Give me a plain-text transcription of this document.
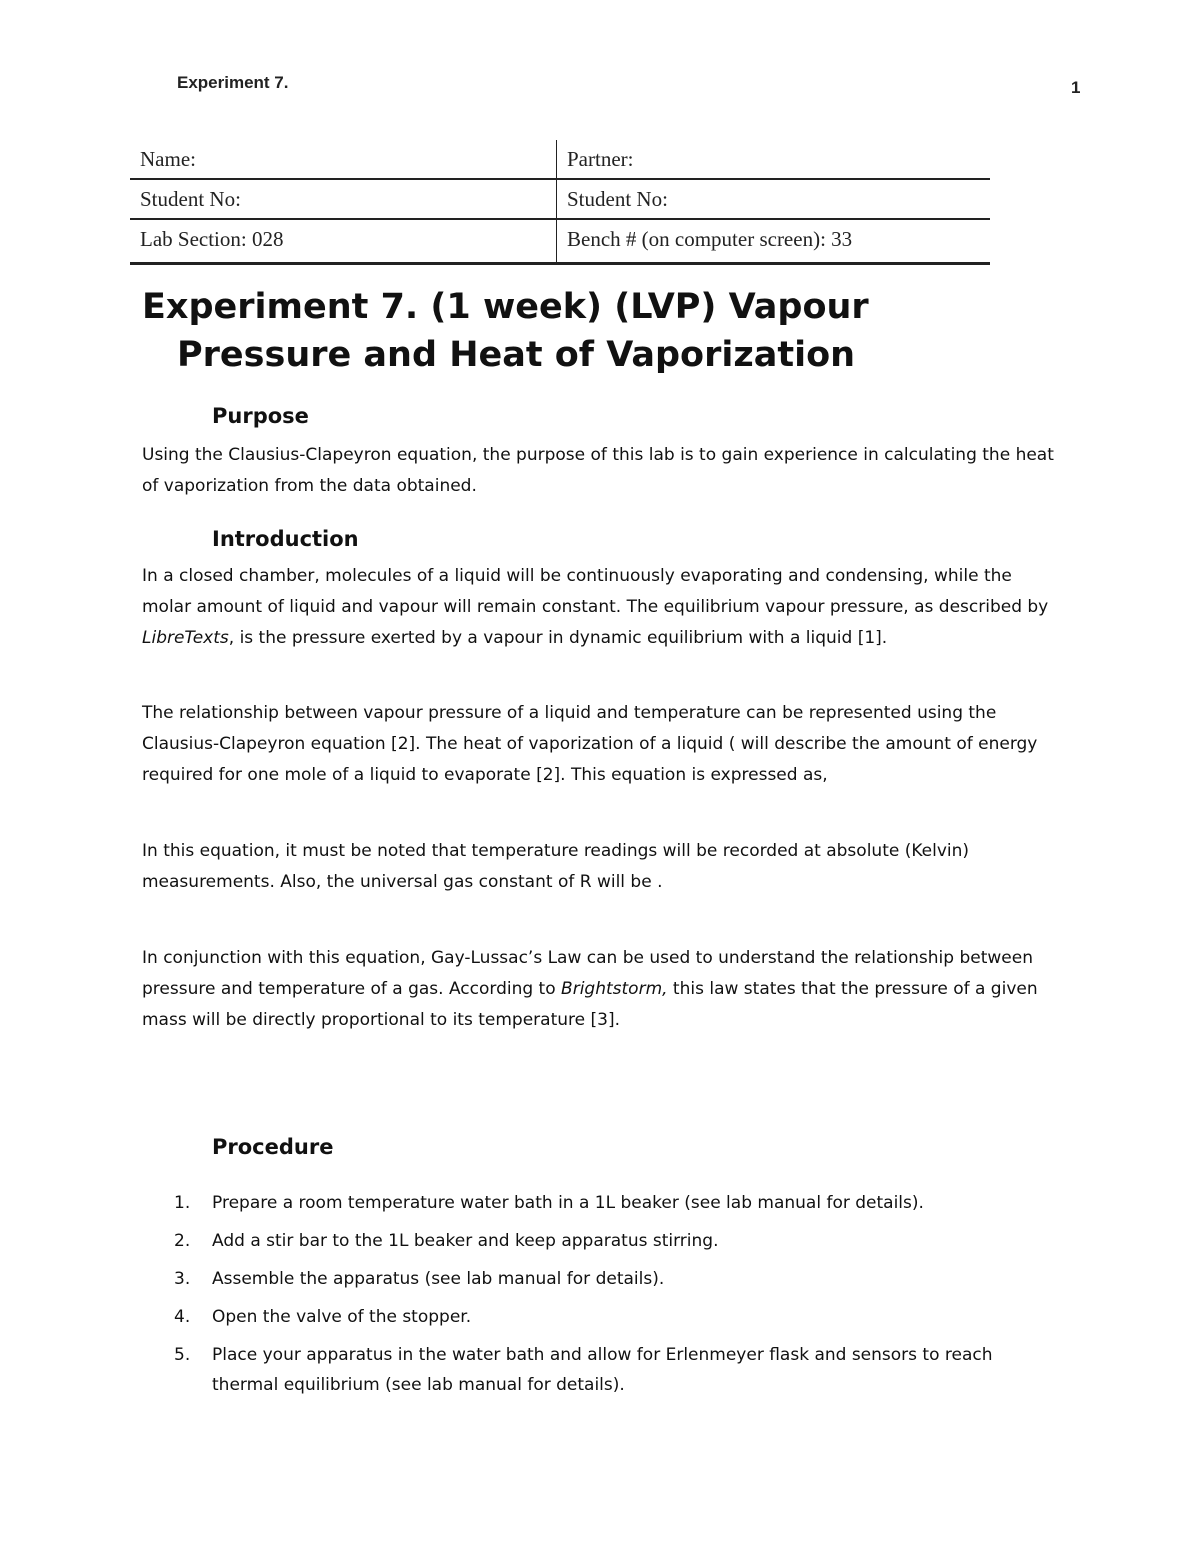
Experiment 7.	1
Name:	Partner:
Student No:	Student No:
Lab Section: 028	Bench # (on computer screen): 33
Experiment 7. (1 week) (LVP) Vapour
Pressure and Heat of Vaporization
Purpose

Using the Clausius-Clapeyron equation, the purpose of this lab is to gain experience in calculating the heat of vaporization from the data obtained.

Introduction

In a closed chamber, molecules of a liquid will be continuously evaporating and condensing, while the molar amount of liquid and vapour will remain constant. The equilibrium vapour pressure, as described by LibreTexts, is the pressure exerted by a vapour in dynamic equilibrium with a liquid [1].

The relationship between vapour pressure of a liquid and temperature can be represented using the Clausius-Clapeyron equation [2]. The heat of vaporization of a liquid ( will describe the amount of energy required for one mole of a liquid to evaporate [2]. This equation is expressed as,

In this equation, it must be noted that temperature readings will be recorded at absolute (Kelvin) measurements. Also, the universal gas constant of R will be .

In conjunction with this equation, Gay-Lussac’s Law can be used to understand the relationship between pressure and temperature of a gas. According to Brightstorm, this law states that the pressure of a given mass will be directly proportional to its temperature [3].

Procedure
1.	Prepare a room temperature water bath in a 1L beaker (see lab manual for details).
2.	Add a stir bar to the 1L beaker and keep apparatus stirring.
3.	Assemble the apparatus (see lab manual for details).
4.	Open the valve of the stopper.
5.	Place your apparatus in the water bath and allow for Erlenmeyer flask and sensors to reach thermal equilibrium (see lab manual for details).
